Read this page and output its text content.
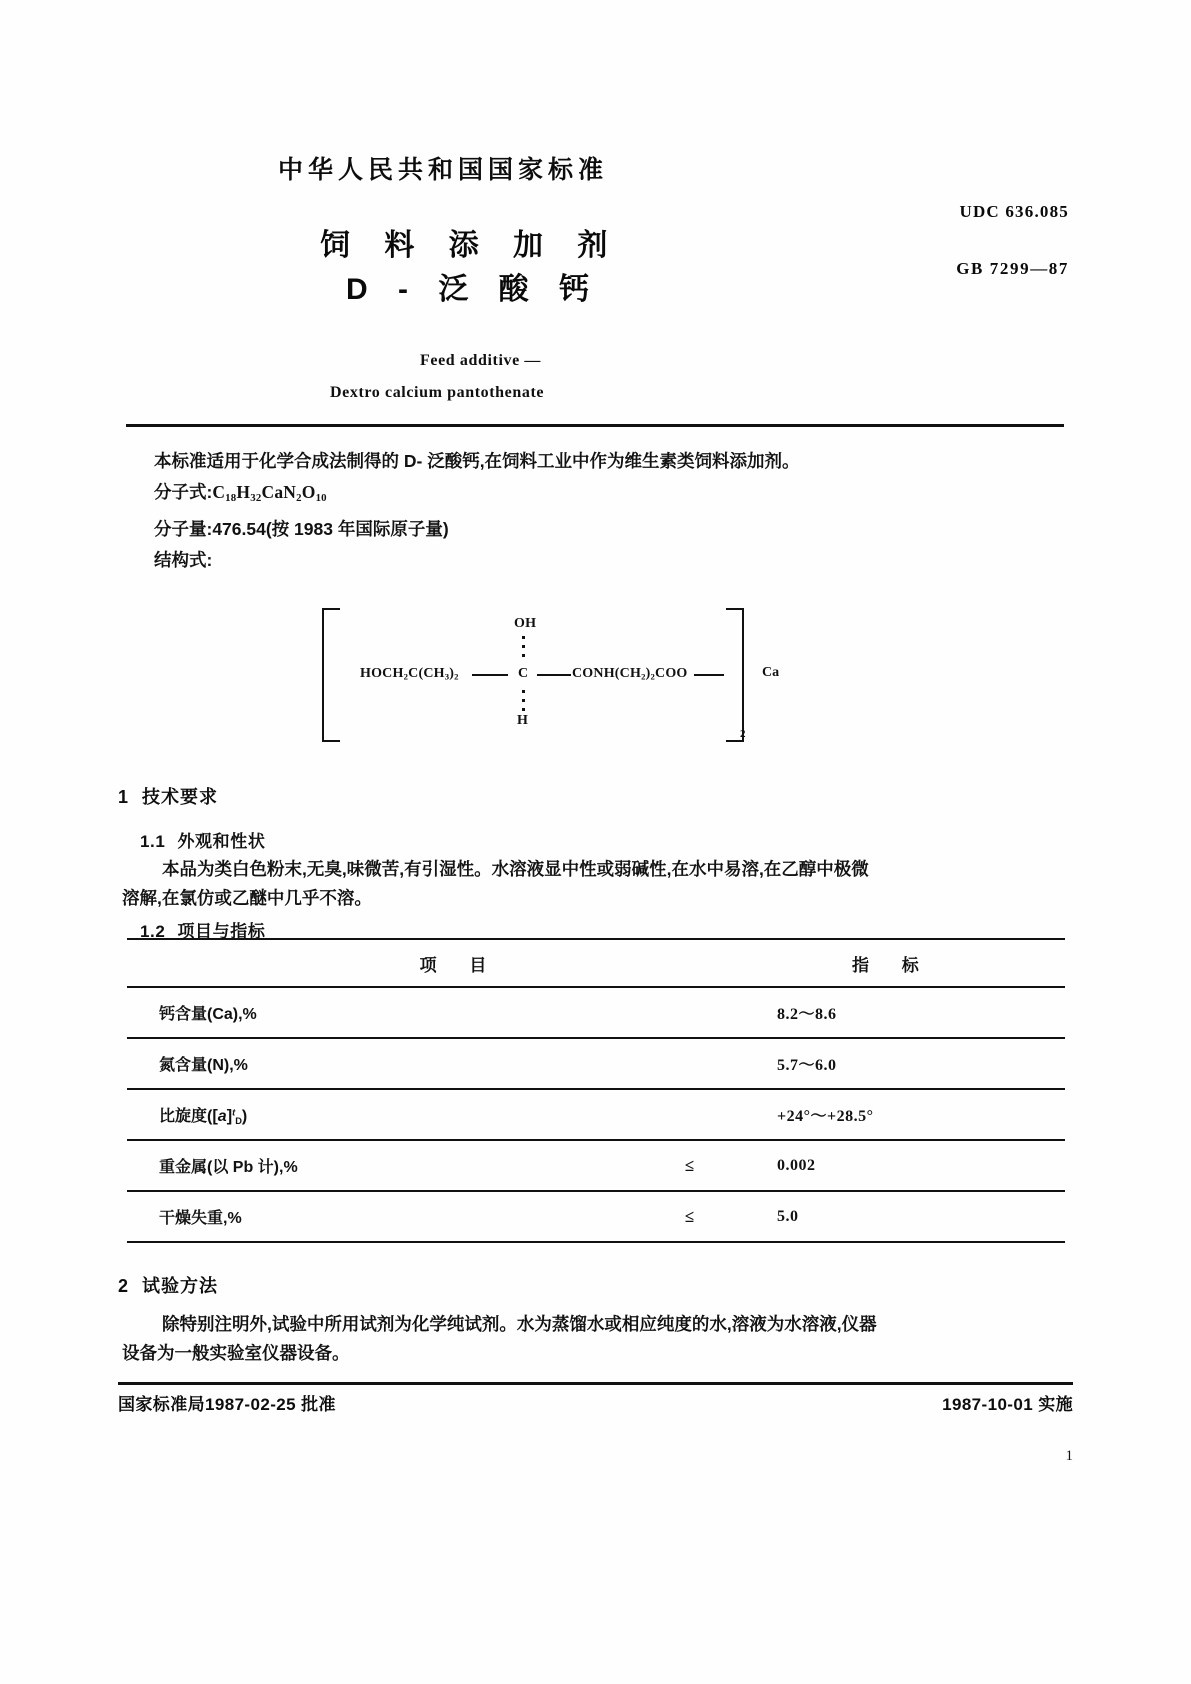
中华人民共和国国家标准
饲 料 添 加 剂
D - 泛 酸 钙
Feed additive —
Dextro calcium pantothenate
UDC 636.085
GB 7299—87
本标准适用于化学合成法制得的 D- 泛酸钙,在饲料工业中作为维生素类饲料添加剂。
分子式$:C_{18}H_{32}CaN_2O_{10}$
分子量:476.54(按 1983 年国际原子量)
结构式:
2
Ca
$HOCH_2C(CH_3)_2$	C	$CONH(CH_2)_2COO$
OH
H
1 技术要求
1.1 外观和性状
本品为类白色粉末,无臭,味微苦,有引湿性。水溶液显中性或弱碱性,在水中易溶,在乙醇中极微
溶解,在氯仿或乙醚中几乎不溶。
1.2 项目与指标
项 目		指 标

钙含量(Ca),%		8.2～8.6

氮含量(N),%		5.7～6.0

比旋度$([a]^tD)$		+24°～+28.5°

重金属(以 Pb 计),%	≤	0.002

干燥失重,%	≤	5.0
2 试验方法
除特别注明外,试验中所用试剂为化学纯试剂。水为蒸馏水或相应纯度的水,溶液为水溶液,仪器
设备为一般实验室仪器设备。
国家标准局1987-02-25 批准	1987-10-01 实施
1
